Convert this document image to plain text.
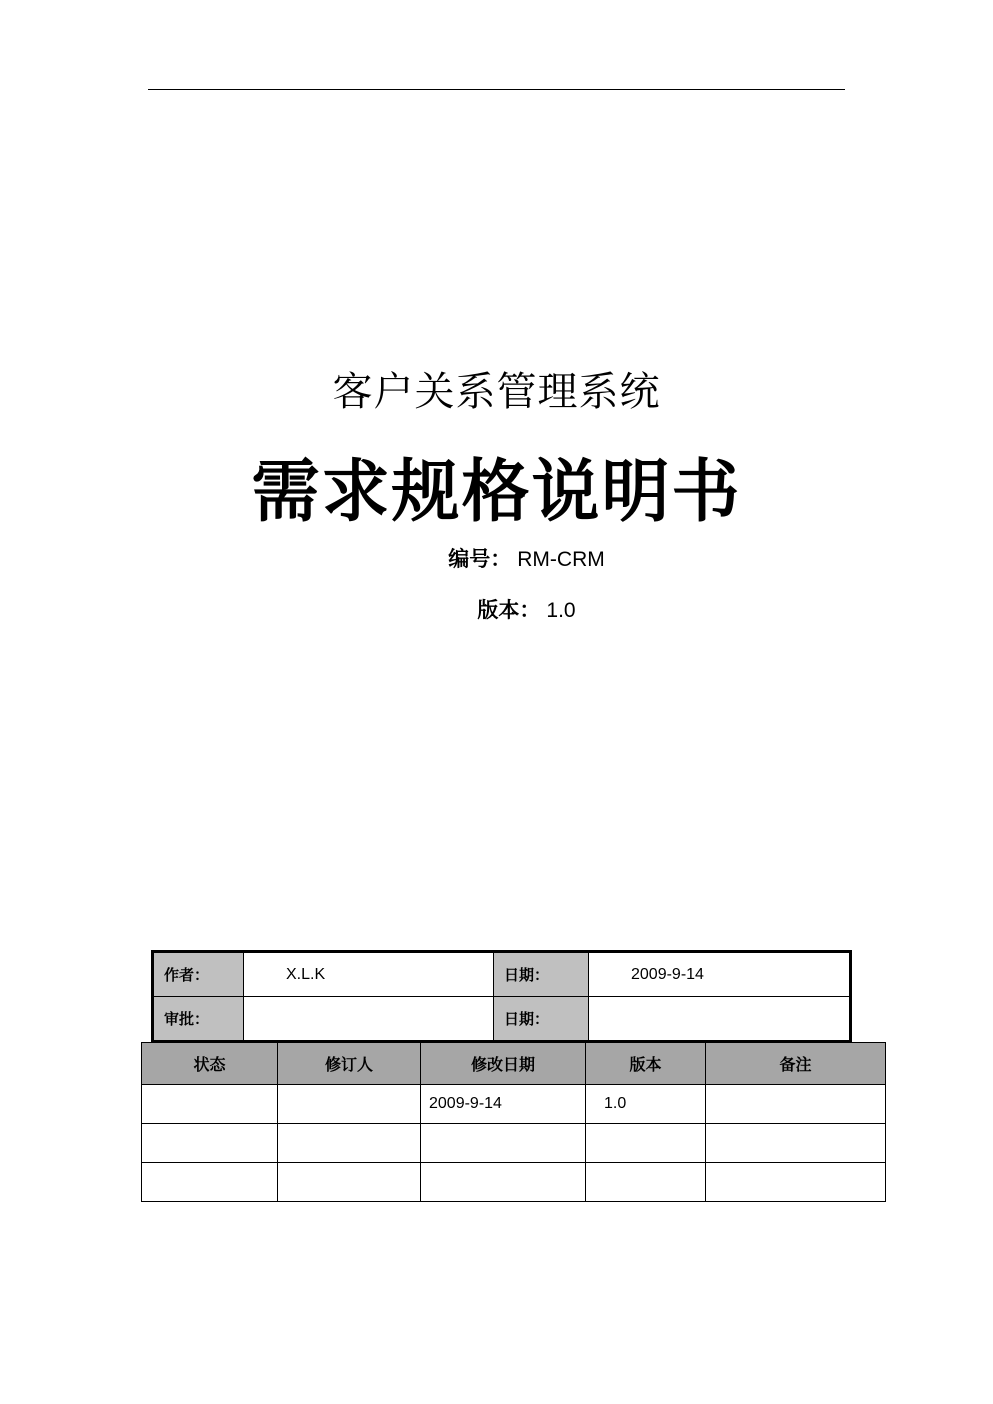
客户关系管理系统
需求规格说明书
编号： RM-CRM
版本： 1.0
作者：	X.L.K	日期：	2009-9-14
审批：		日期：	
状态	修订人	修改日期	版本	备注
		2009-9-14	1.0	
